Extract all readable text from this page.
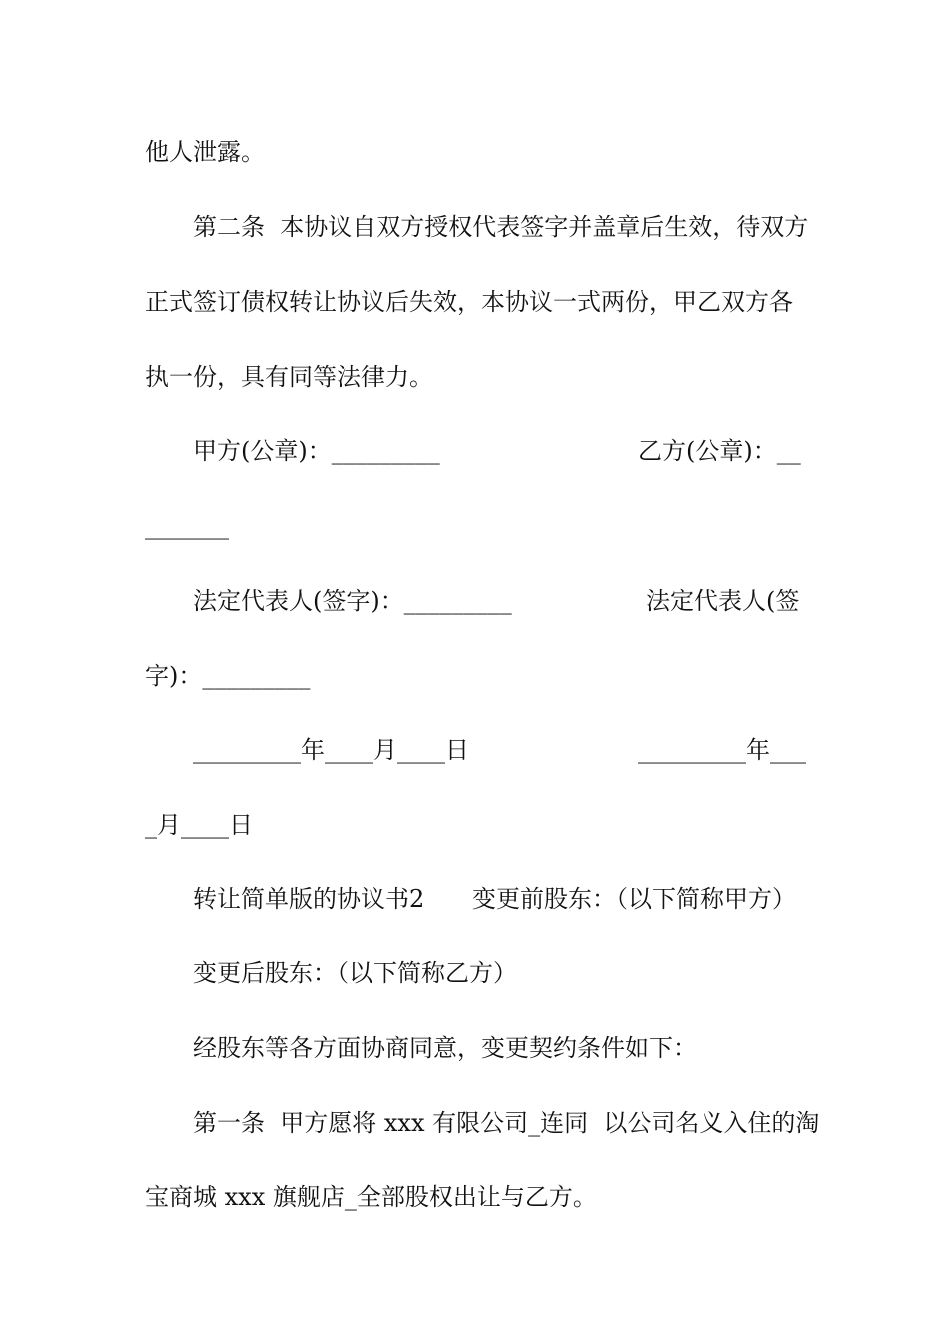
他人泄露。
第二条  本协议自双方授权代表签字并盖章后生效，待双方
正式签订债权转让协议后失效，本协议一式两份，甲乙双方各
执一份，具有同等法律力。
甲方(公章)：_________	乙方(公章)：__
_______
法定代表人(签字)：_________	法定代表人(签
字)：_________
_________年____月____日	_________年___
_月____日
转让简单版的协议书2	变更前股东：（以下简称甲方）
变更后股东：（以下简称乙方）
经股东等各方面协商同意，变更契约条件如下：
第一条  甲方愿将 xxx 有限公司_连同  以公司名义入住的淘
宝商城 xxx 旗舰店_全部股权出让与乙方。
